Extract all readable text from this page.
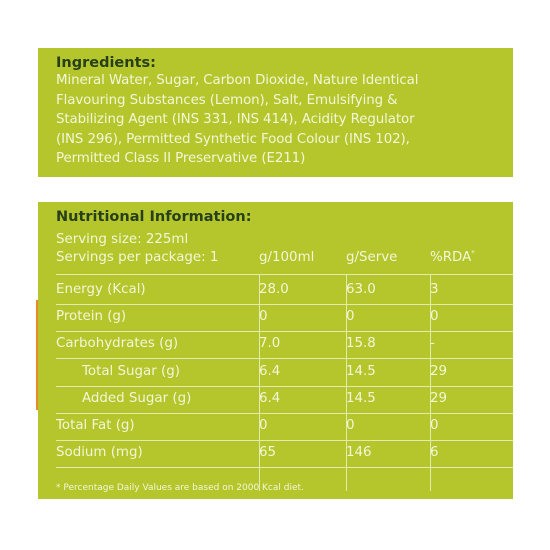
Ingredients:
Mineral Water, Sugar, Carbon Dioxide, Nature Identical
Flavouring Substances (Lemon), Salt, Emulsifying &
Stabilizing Agent (INS 331, INS 414), Acidity Regulator
(INS 296), Permitted Synthetic Food Colour (INS 102),
Permitted Class II Preservative (E211)
Nutritional Information:
Serving size: 225ml
Servings per package: 1	g/100ml g/Serve %RDA*
Energy (Kcal)	28.0	63.0	3
Protein (g)	0	0	0
Carbohydrates (g)	7.0	15.8	-
Total Sugar (g)	6.4	14.5	29
Added Sugar (g)	6.4	14.5	29
Total Fat (g)	0	0	0
Sodium (mg)	65	146	6
* Percentage Daily Values are based on 2000 Kcal diet.
